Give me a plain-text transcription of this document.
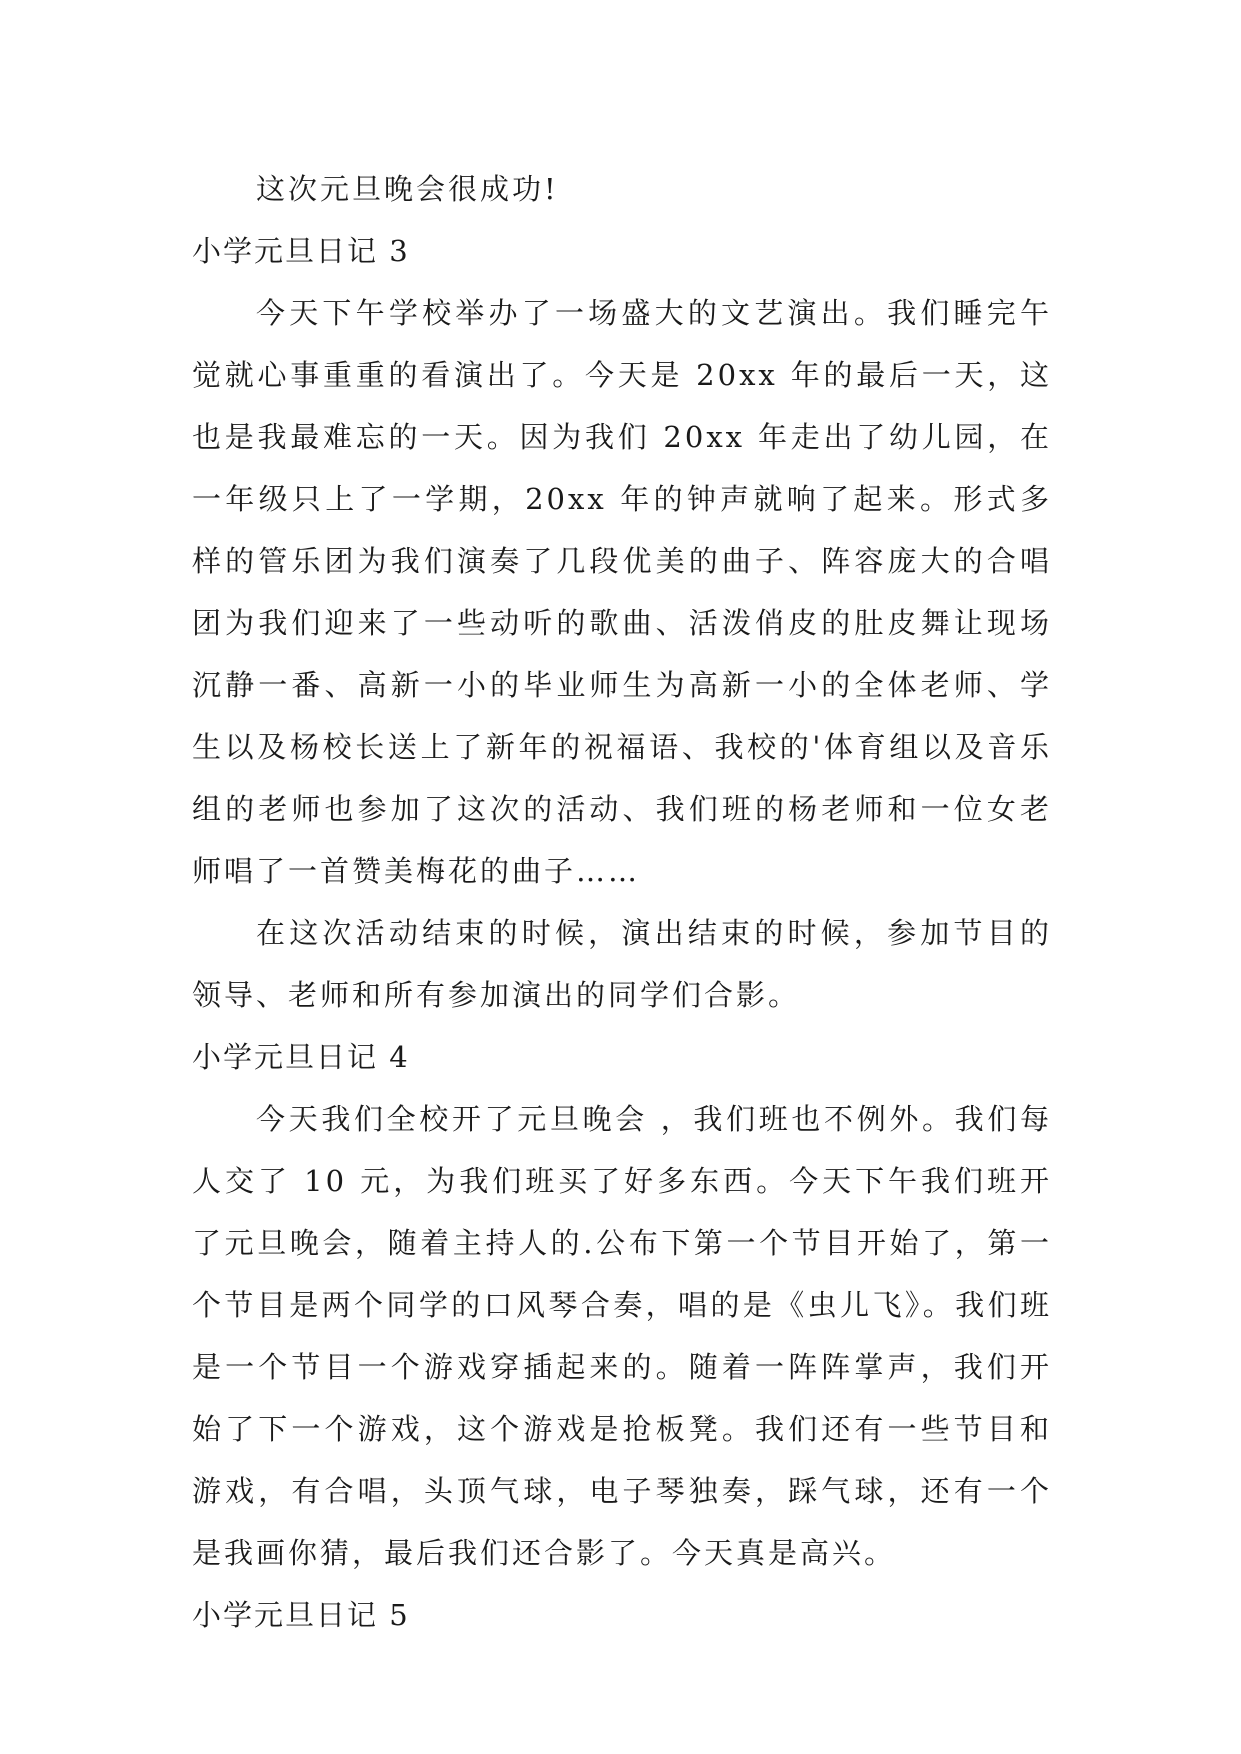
这次元旦晚会很成功!

小学元旦日记 3

今天下午学校举办了一场盛大的文艺演出。我们睡完午觉就心事重重的看演出了。今天是 20xx 年的最后一天，这也是我最难忘的一天。因为我们 20xx 年走出了幼儿园，在一年级只上了一学期，20xx 年的钟声就响了起来。形式多样的管乐团为我们演奏了几段优美的曲子、阵容庞大的合唱团为我们迎来了一些动听的歌曲、活泼俏皮的肚皮舞让现场沉静一番、高新一小的毕业师生为高新一小的全体老师、学生以及杨校长送上了新年的祝福语、我校的'体育组以及音乐组的老师也参加了这次的活动、我们班的杨老师和一位女老师唱了一首赞美梅花的曲子……

在这次活动结束的时候，演出结束的时候，参加节目的领导、老师和所有参加演出的同学们合影。

小学元旦日记 4

今天我们全校开了元旦晚会 ，我们班也不例外。我们每人交了 10 元，为我们班买了好多东西。今天下午我们班开了元旦晚会，随着主持人的.公布下第一个节目开始了，第一个节目是两个同学的口风琴合奏，唱的是《虫儿飞》。我们班是一个节目一个游戏穿插起来的。随着一阵阵掌声，我们开始了下一个游戏，这个游戏是抢板凳。我们还有一些节目和游戏，有合唱，头顶气球，电子琴独奏，踩气球，还有一个是我画你猜，最后我们还合影了。今天真是高兴。

小学元旦日记 5
